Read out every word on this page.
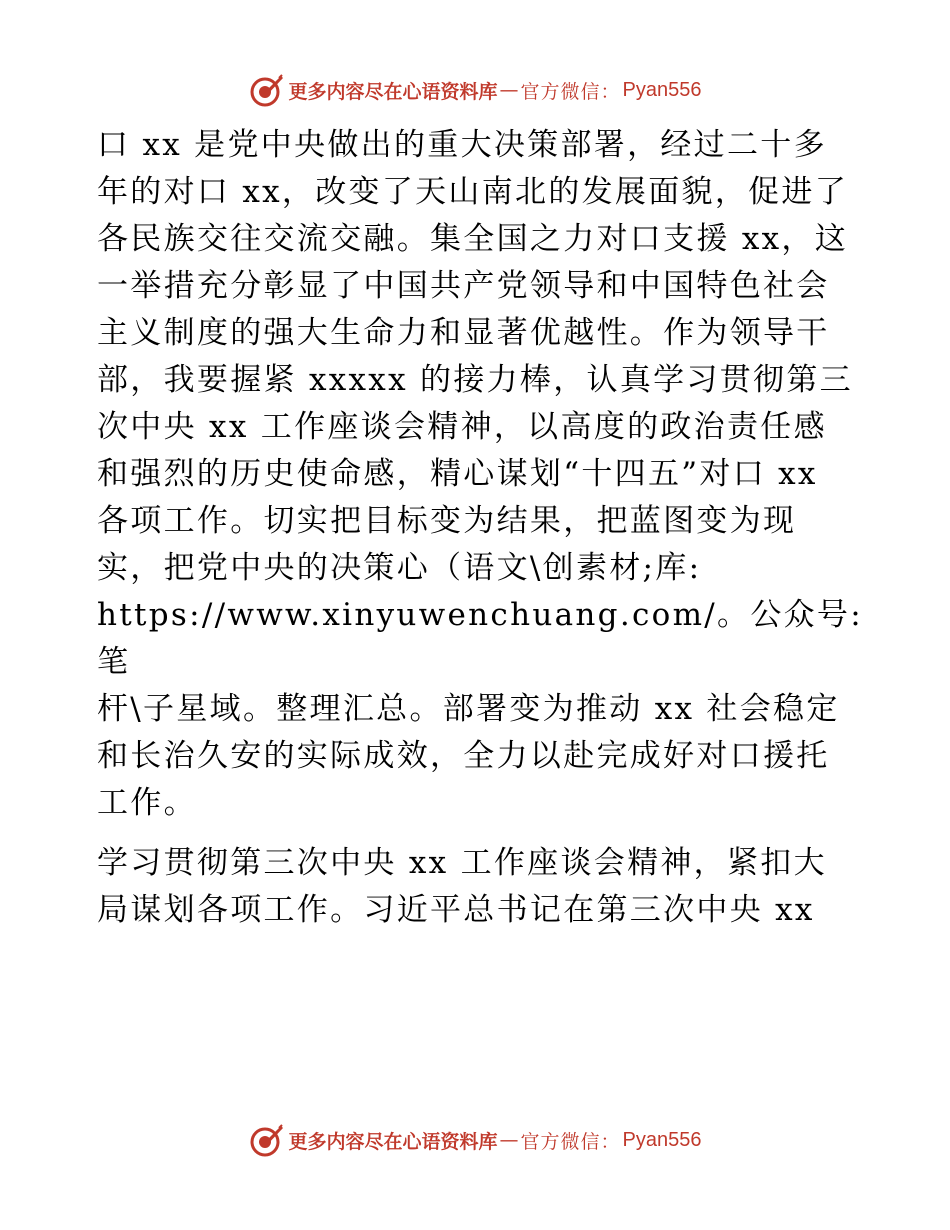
更多内容尽在心语资料库 — 官方微信： Pyan556

口 xx 是党中央做出的重大决策部署，经过二十多
年的对口 xx，改变了天山南北的发展面貌，促进了
各民族交往交流交融。集全国之力对口支援 xx，这
一举措充分彰显了中国共产党领导和中国特色社会
主义制度的强大生命力和显著优越性。作为领导干
部，我要握紧 xxxxx 的接力棒，认真学习贯彻第三
次中央 xx 工作座谈会精神，以高度的政治责任感
和强烈的历史使命感，精心谋划“十四五”对口 xx
各项工作。切实把目标变为结果，把蓝图变为现
实，把党中央的决策心（语文\创素材;库:
https://www.xinyuwenchuang.com/。公众号: 笔
杆\子星域。整理汇总。部署变为推动 xx 社会稳定
和长治久安的实际成效，全力以赴完成好对口援托
工作。

学习贯彻第三次中央 xx 工作座谈会精神，紧扣大
局谋划各项工作。习近平总书记在第三次中央 xx

更多内容尽在心语资料库 — 官方微信： Pyan556
